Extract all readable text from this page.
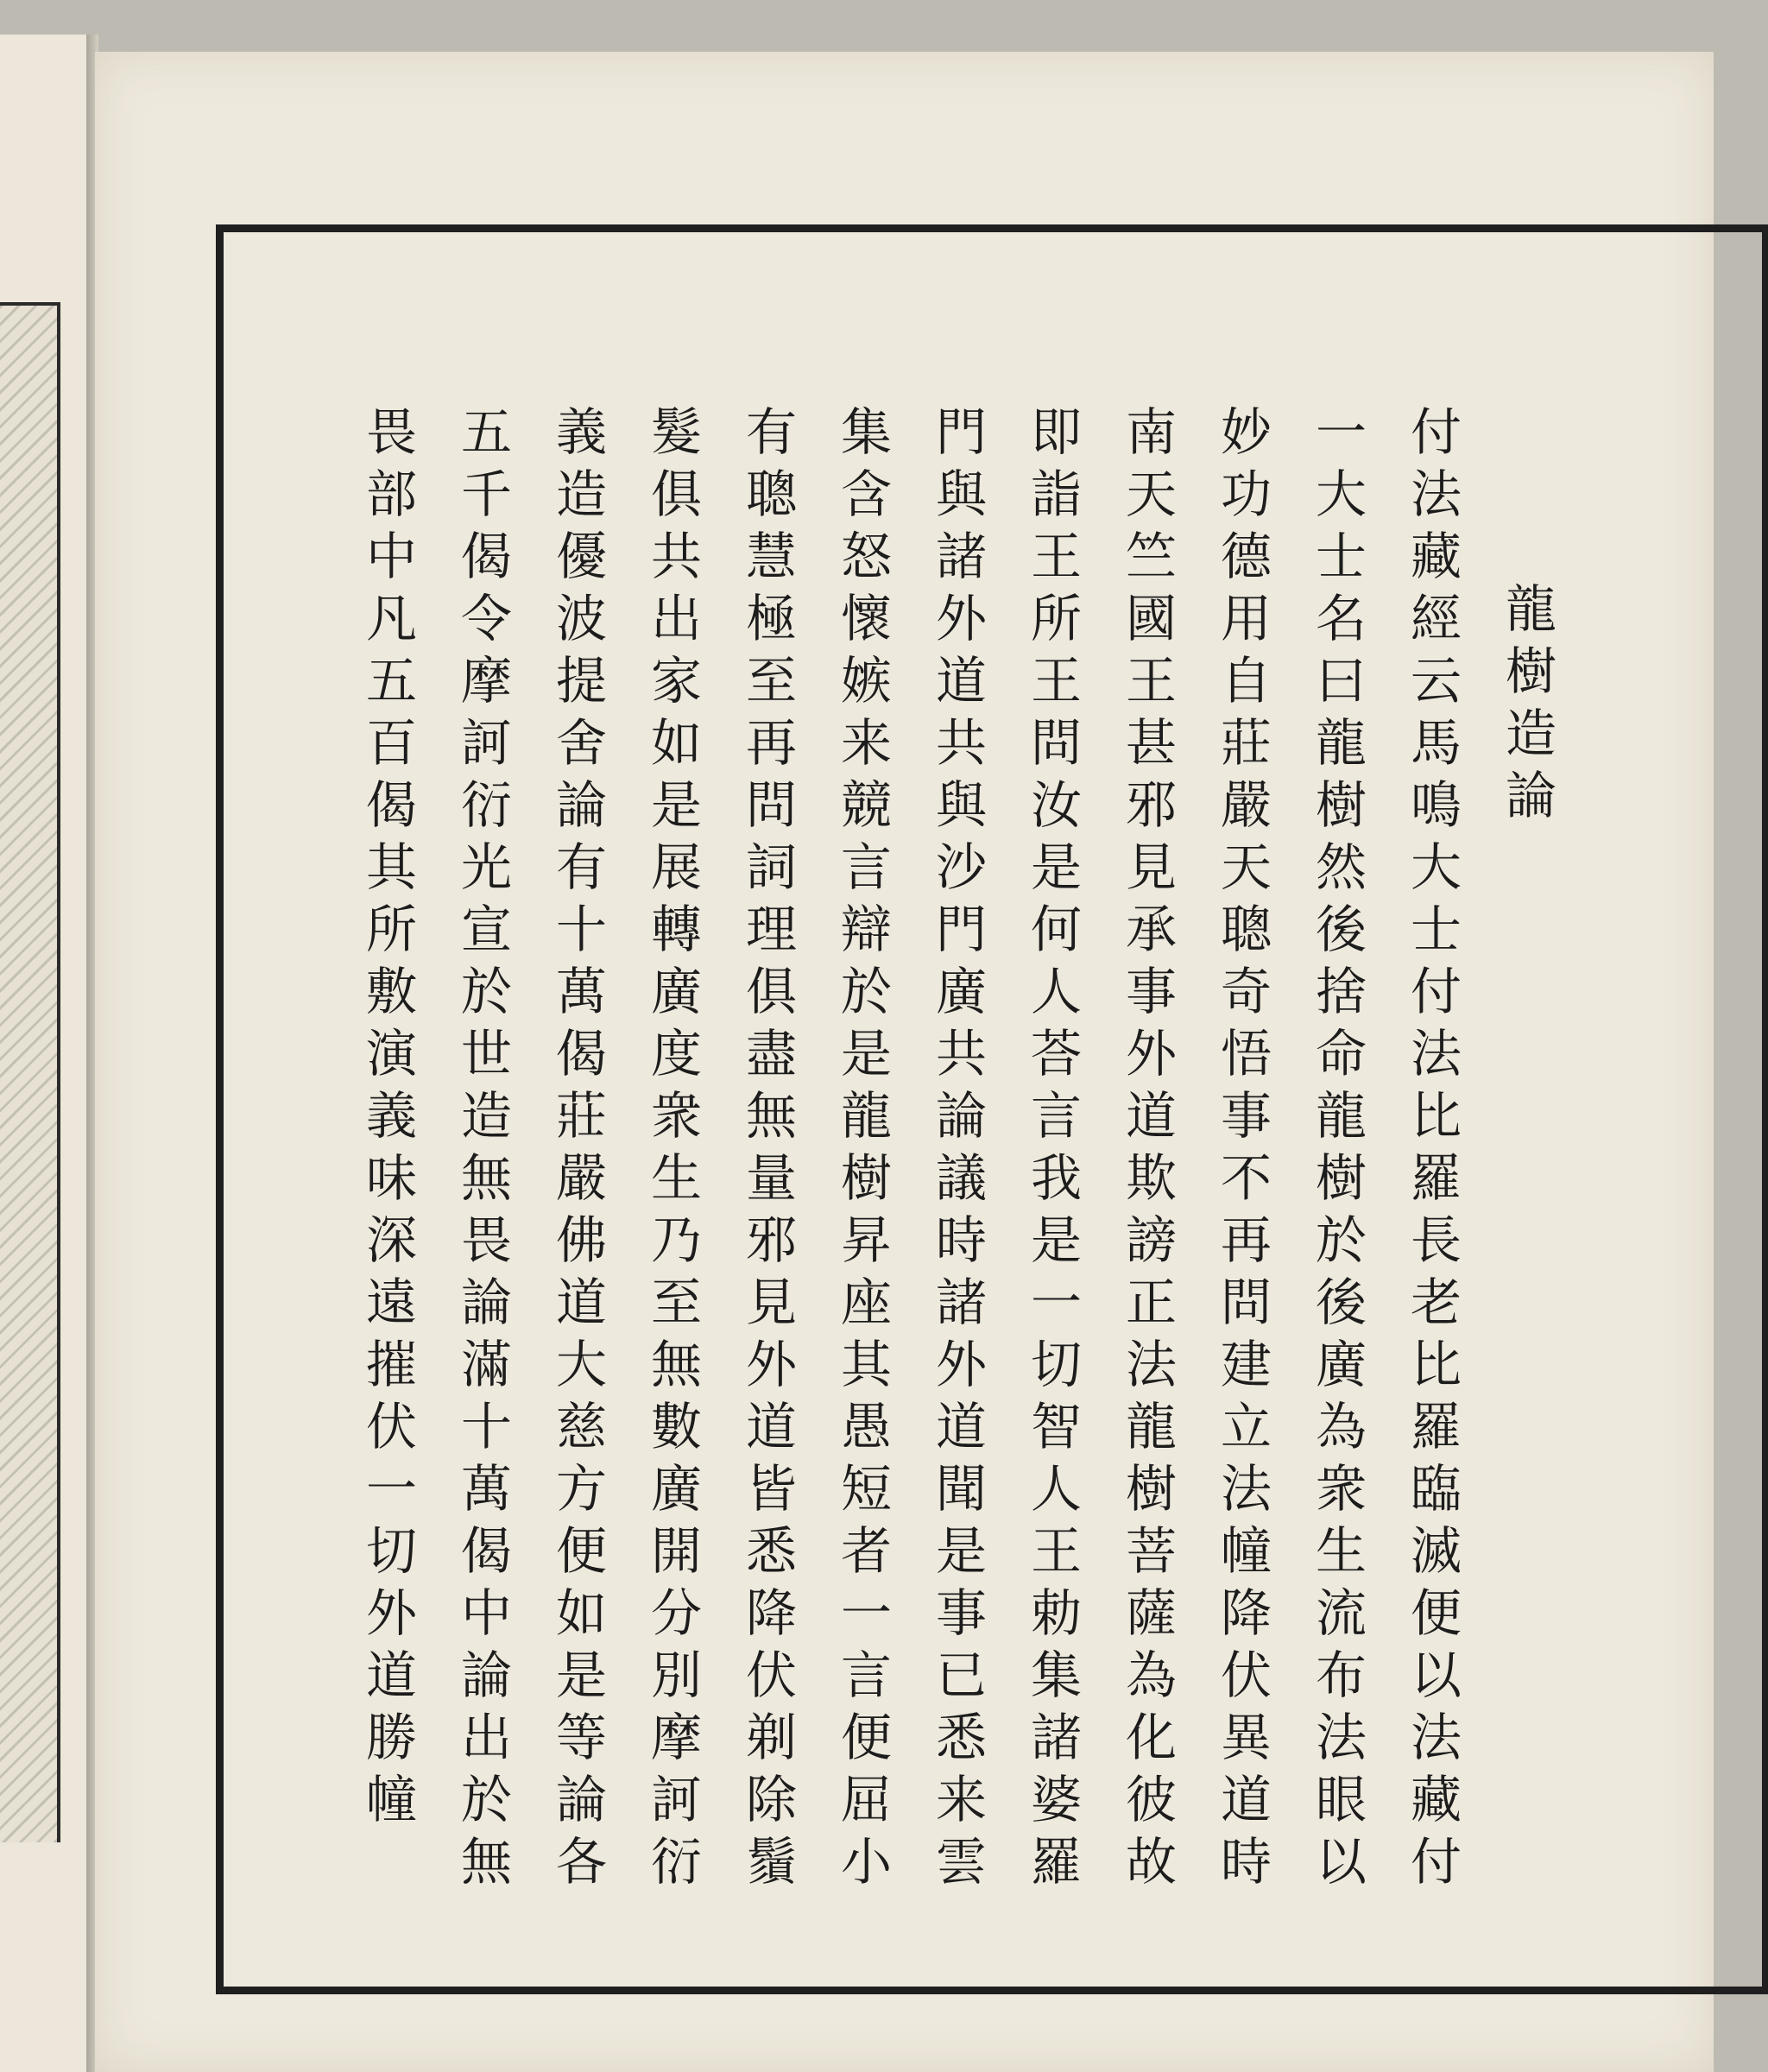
龍樹造論
付法藏經云馬鳴大士付法比羅長老比羅臨滅便以法藏付
一大士名曰龍樹然後捨命龍樹於後廣為衆生流布法眼以
妙功德用自莊嚴天聰奇悟事不再問建立法幢降伏異道時
南天竺國王甚邪見承事外道欺謗正法龍樹菩薩為化彼故
即詣王所王問汝是何人荅言我是一切智人王勅集諸婆羅
門與諸外道共與沙門廣共論議時諸外道聞是事已悉来雲
集含怒懷嫉来競言辯於是龍樹昇座其愚短者一言便屈小
有聰慧極至再問詞理俱盡無量邪見外道皆悉降伏剃除鬚
髮俱共出家如是展轉廣度衆生乃至無數廣開分別摩訶衍
義造優波提舍論有十萬偈莊嚴佛道大慈方便如是等論各
五千偈令摩訶衍光宣於世造無畏論滿十萬偈中論出於無
畏部中凡五百偈其所敷演義味深遠摧伏一切外道勝幢
